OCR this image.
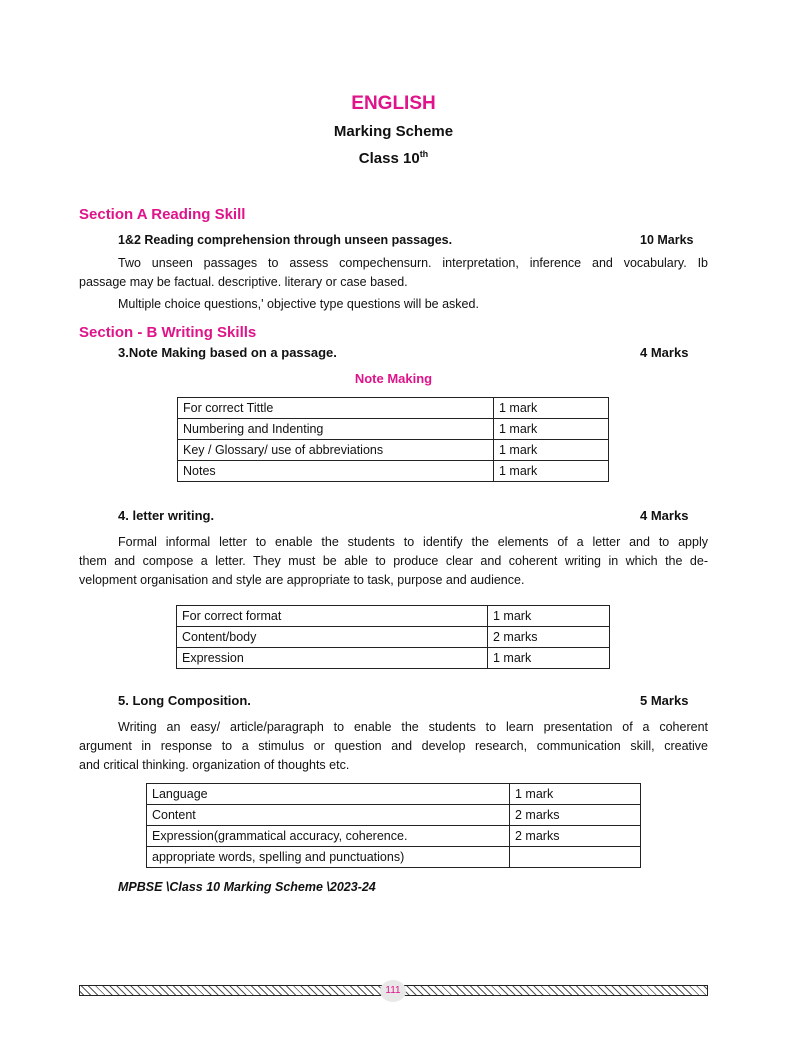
ENGLISH
Marking Scheme
Class 10th
Section A Reading Skill
1&2 Reading comprehension through unseen passages.	10 Marks
Two unseen passages to assess compechensurn. interpretation, inference and vocabulary. Ib
passage may be factual. descriptive. literary or case based.
Multiple choice questions,' objective type questions will be asked.
Section - B Writing Skills
3.Note Making based on a passage.	4 Marks
Note Making
For correct Tittle	1 mark
Numbering and Indenting	1 mark
Key / Glossary/ use of abbreviations	1 mark
Notes	1 mark
4. letter writing.	4 Marks
Formal informal letter to enable the students to identify the elements of a letter and to apply
them and compose a letter. They must be able to produce clear and coherent writing in which the de-
velopment organisation and style are appropriate to task, purpose and audience.
For correct format	1 mark
Content/body	2 marks
Expression	1 mark
5. Long Composition.	5 Marks
Writing an easy/ article/paragraph to enable the students to learn presentation of a coherent
argument in response to a stimulus or question and develop research, communication skill, creative
and critical thinking. organization of thoughts etc.
Language	1 mark
Content	2 marks
Expression(grammatical accuracy, coherence.	2 marks
appropriate words, spelling and punctuations)	
MPBSE \Class 10 Marking Scheme \2023-24
111
